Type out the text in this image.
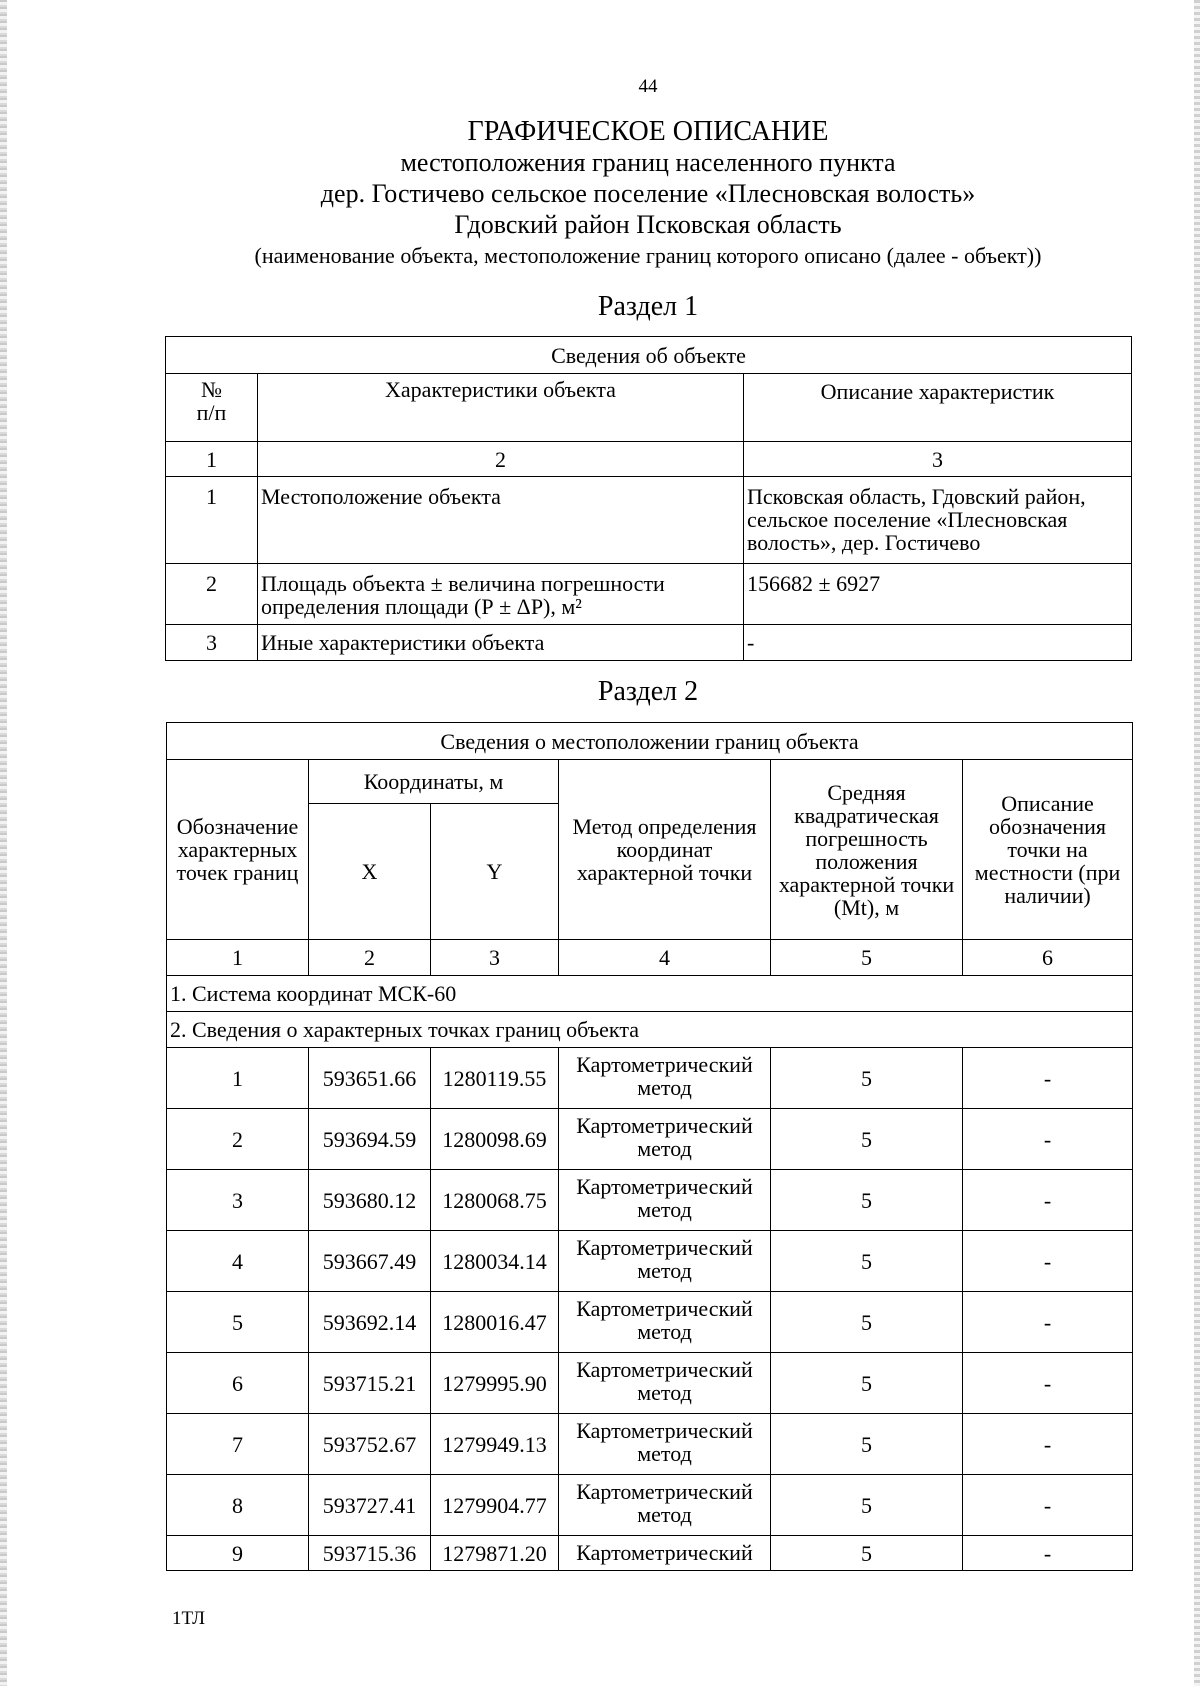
44
ГРАФИЧЕСКОЕ ОПИСАНИЕ
местоположения границ населенного пункта
дер. Гостичево сельское поселение «Плесновская волость»
Гдовский район Псковская область
(наименование объекта, местоположение границ которого описано (далее - объект))
Раздел 1
Сведения об объекте		
№
п/п	Характеристики объекта	Описание характеристик
1	2	3
1	Местоположение объекта	Псковская область, Гдовский район, сельское поселение «Плесновская волость», дер. Гостичево
2	Площадь объекта ± величина погрешности определения площади (Р ± ΔР), м²	156682 ± 6927
3	Иные характеристики объекта	-
Раздел 2
Сведения о местоположении границ объекта					
Обозначение характерных точек границ	Координаты, м		Метод определения координат характерной точки	Средняя квадратическая погрешность положения характерной точки (Mt), м	Описание обозначения точки на местности (при наличии)
	X	Y			
1	2	3	4	5	6
1. Система координат МСК-60					
2. Сведения о характерных точках границ объекта					
1	593651.66	1280119.55	Картометрический метод	5	-
2	593694.59	1280098.69	Картометрический метод	5	-
3	593680.12	1280068.75	Картометрический метод	5	-
4	593667.49	1280034.14	Картометрический метод	5	-
5	593692.14	1280016.47	Картометрический метод	5	-
6	593715.21	1279995.90	Картометрический метод	5	-
7	593752.67	1279949.13	Картометрический метод	5	-
8	593727.41	1279904.77	Картометрический метод	5	-
9	593715.36	1279871.20	Картометрический	5	-
1ТЛ
